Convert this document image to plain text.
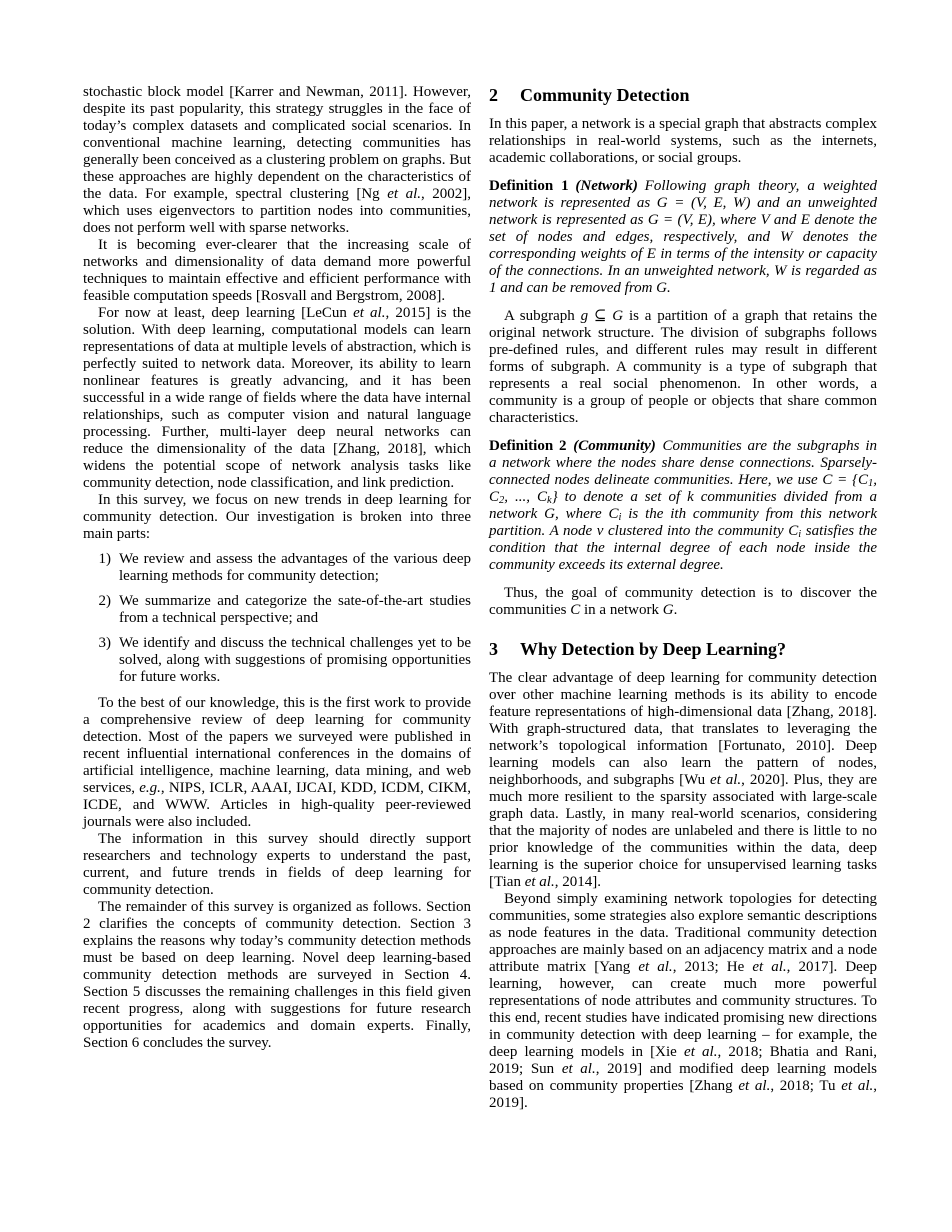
stochastic block model [Karrer and Newman, 2011]. However, despite its past popularity, this strategy struggles in the face of today’s complex datasets and complicated social scenarios. In conventional machine learning, detecting communities has generally been conceived as a clustering problem on graphs. But these approaches are highly dependent on the characteristics of the data. For example, spectral clustering [Ng et al., 2002], which uses eigenvectors to partition nodes into communities, does not perform well with sparse networks.

It is becoming ever-clearer that the increasing scale of networks and dimensionality of data demand more powerful techniques to maintain effective and efficient performance with feasible computation speeds [Rosvall and Bergstrom, 2008].

For now at least, deep learning [LeCun et al., 2015] is the solution. With deep learning, computational models can learn representations of data at multiple levels of abstraction, which is perfectly suited to network data. Moreover, its ability to learn nonlinear features is greatly advancing, and it has been successful in a wide range of fields where the data have internal relationships, such as computer vision and natural language processing. Further, multi-layer deep neural networks can reduce the dimensionality of the data [Zhang, 2018], which widens the potential scope of network analysis tasks like community detection, node classification, and link prediction.

In this survey, we focus on new trends in deep learning for community detection. Our investigation is broken into three main parts:

1) We review and assess the advantages of the various deep learning methods for community detection;
2) We summarize and categorize the sate-of-the-art studies from a technical perspective; and
3) We identify and discuss the technical challenges yet to be solved, along with suggestions of promising opportunities for future works.

To the best of our knowledge, this is the first work to provide a comprehensive review of deep learning for community detection. Most of the papers we surveyed were published in recent influential international conferences in the domains of artificial intelligence, machine learning, data mining, and web services, e.g., NIPS, ICLR, AAAI, IJCAI, KDD, ICDM, CIKM, ICDE, and WWW. Articles in high-quality peer-reviewed journals were also included.

The information in this survey should directly support researchers and technology experts to understand the past, current, and future trends in fields of deep learning for community detection.

The remainder of this survey is organized as follows. Section 2 clarifies the concepts of community detection. Section 3 explains the reasons why today’s community detection methods must be based on deep learning. Novel deep learning-based community detection methods are surveyed in Section 4. Section 5 discusses the remaining challenges in this field given recent progress, along with suggestions for future research opportunities for academics and domain experts. Finally, Section 6 concludes the survey.

2 Community Detection

In this paper, a network is a special graph that abstracts complex relationships in real-world systems, such as the internets, academic collaborations, or social groups.

Definition 1 (Network) Following graph theory, a weighted network is represented as G = (V, E, W) and an unweighted network is represented as G = (V, E), where V and E denote the set of nodes and edges, respectively, and W denotes the corresponding weights of E in terms of the intensity or capacity of the connections. In an unweighted network, W is regarded as 1 and can be removed from G.

A subgraph g ⊆ G is a partition of a graph that retains the original network structure. The division of subgraphs follows pre-defined rules, and different rules may result in different forms of subgraph. A community is a type of subgraph that represents a real social phenomenon. In other words, a community is a group of people or objects that share common characteristics.

Definition 2 (Community) Communities are the subgraphs in a network where the nodes share dense connections. Sparsely-connected nodes delineate communities. Here, we use C = {C1, C2, ..., Ck} to denote a set of k communities divided from a network G, where Ci is the ith community from this network partition. A node v clustered into the community Ci satisfies the condition that the internal degree of each node inside the community exceeds its external degree.

Thus, the goal of community detection is to discover the communities C in a network G.

3 Why Detection by Deep Learning?

The clear advantage of deep learning for community detection over other machine learning methods is its ability to encode feature representations of high-dimensional data [Zhang, 2018]. With graph-structured data, that translates to leveraging the network’s topological information [Fortunato, 2010]. Deep learning models can also learn the pattern of nodes, neighborhoods, and subgraphs [Wu et al., 2020]. Plus, they are much more resilient to the sparsity associated with large-scale graph data. Lastly, in many real-world scenarios, considering that the majority of nodes are unlabeled and there is little to no prior knowledge of the communities within the data, deep learning is the superior choice for unsupervised learning tasks [Tian et al., 2014].

Beyond simply examining network topologies for detecting communities, some strategies also explore semantic descriptions as node features in the data. Traditional community detection approaches are mainly based on an adjacency matrix and a node attribute matrix [Yang et al., 2013; He et al., 2017]. Deep learning, however, can create much more powerful representations of node attributes and community structures. To this end, recent studies have indicated promising new directions in community detection with deep learning – for example, the deep learning models in [Xie et al., 2018; Bhatia and Rani, 2019; Sun et al., 2019] and modified deep learning models based on community properties [Zhang et al., 2018; Tu et al., 2019].
